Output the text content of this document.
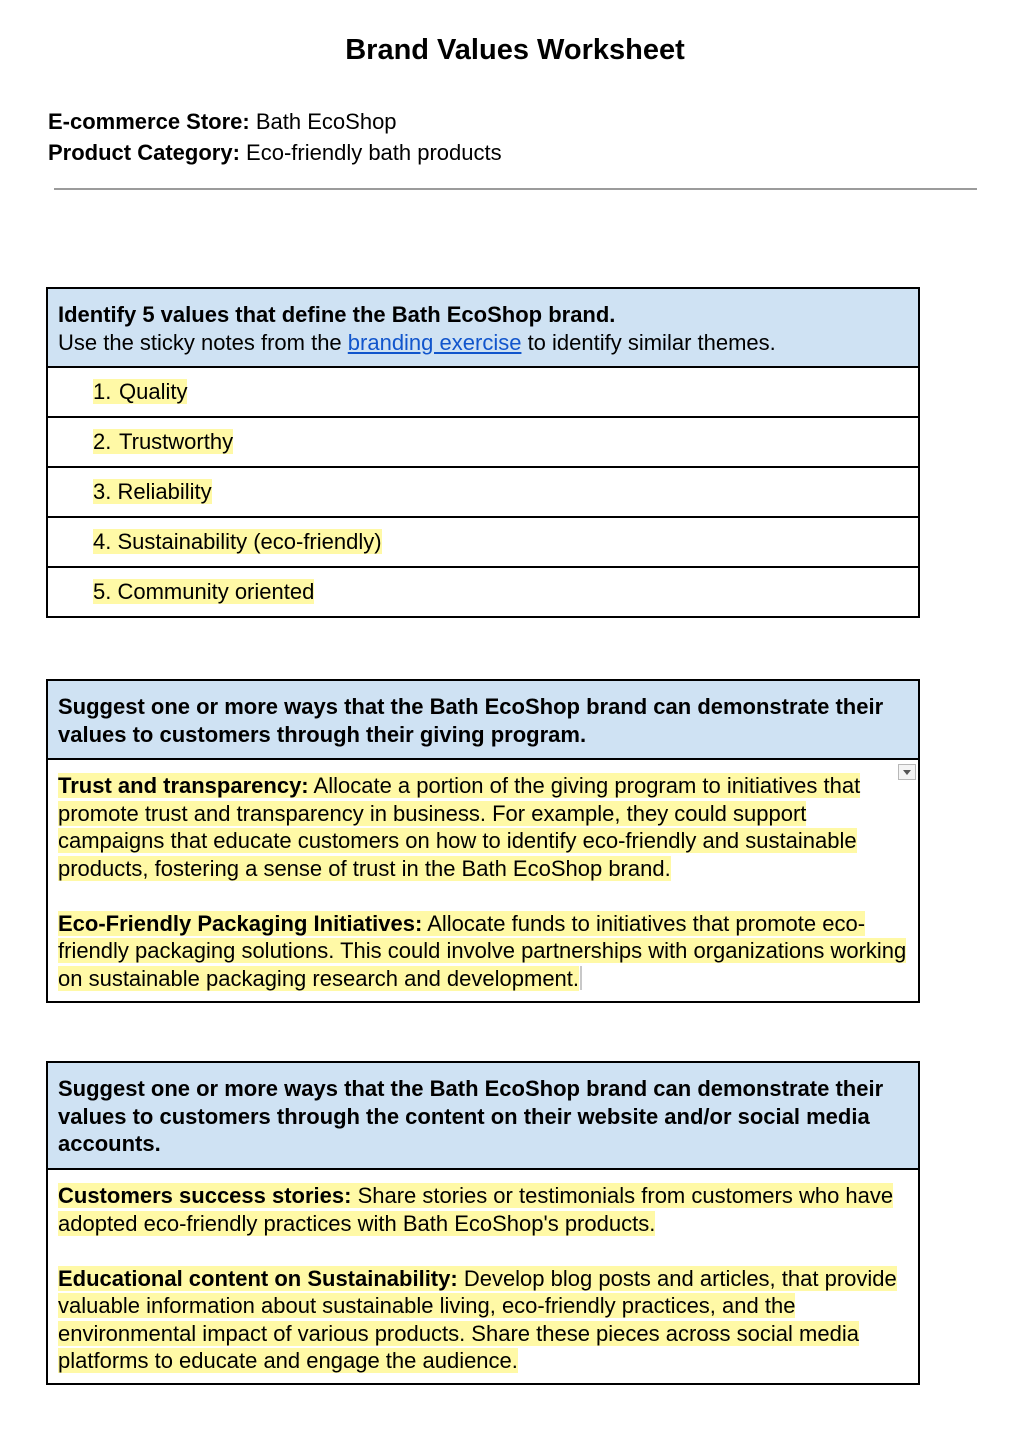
Brand Values Worksheet
E-commerce Store: Bath EcoShop
Product Category: Eco-friendly bath products
Identify 5 values that define the Bath EcoShop brand.
Use the sticky notes from the branding exercise to identify similar themes.

1. Quality
2. Trustworthy
3. Reliability
4. Sustainability (eco-friendly)
5. Community oriented
Suggest one or more ways that the Bath EcoShop brand can demonstrate their values to customers through their giving program.

Trust and transparency: Allocate a portion of the giving program to initiatives that promote trust and transparency in business. For example, they could support campaigns that educate customers on how to identify eco-friendly and sustainable products, fostering a sense of trust in the Bath EcoShop brand.

Eco-Friendly Packaging Initiatives: Allocate funds to initiatives that promote eco-friendly packaging solutions. This could involve partnerships with organizations working on sustainable packaging research and development.

Suggest one or more ways that the Bath EcoShop brand can demonstrate their values to customers through the content on their website and/or social media accounts.

Customers success stories: Share stories or testimonials from customers who have adopted eco-friendly practices with Bath EcoShop's products.

Educational content on Sustainability: Develop blog posts and articles, that provide valuable information about sustainable living, eco-friendly practices, and the environmental impact of various products. Share these pieces across social media platforms to educate and engage the audience.
